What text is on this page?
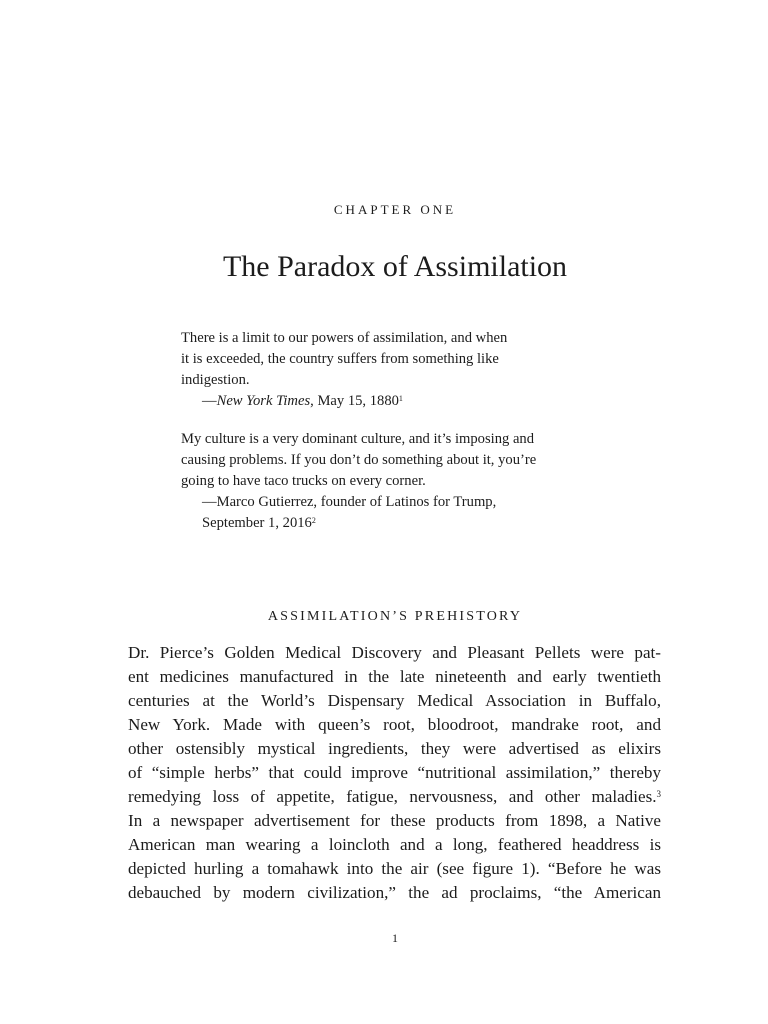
CHAPTER ONE
The Paradox of Assimilation
There is a limit to our powers of assimilation, and when
it is exceeded, the country suffers from something like
indigestion.
—New York Times, May 15, 1880$^1$
My culture is a very dominant culture, and it’s imposing and
causing problems. If you don’t do something about it, you’re
going to have taco trucks on every corner.
—Marco Gutierrez, founder of Latinos for Trump,
September 1, 2016$^2$
ASSIMILATION’S PREHISTORY
Dr. Pierce’s Golden Medical Discovery and Pleasant Pellets were pat-
ent medicines manufactured in the late nineteenth and early twentieth
centuries at the World’s Dispensary Medical Association in Buffalo,
New York. Made with queen’s root, bloodroot, mandrake root, and
other ostensibly mystical ingredients, they were advertised as elixirs
of “simple herbs” that could improve “nutritional assimilation,” thereby
remedying loss of appetite, fatigue, nervousness, and other maladies.$^3$
In a newspaper advertisement for these products from 1898, a Native
American man wearing a loincloth and a long, feathered headdress is
depicted hurling a tomahawk into the air (see figure 1). “Before he was
debauched by modern civilization,” the ad proclaims, “the American
1
